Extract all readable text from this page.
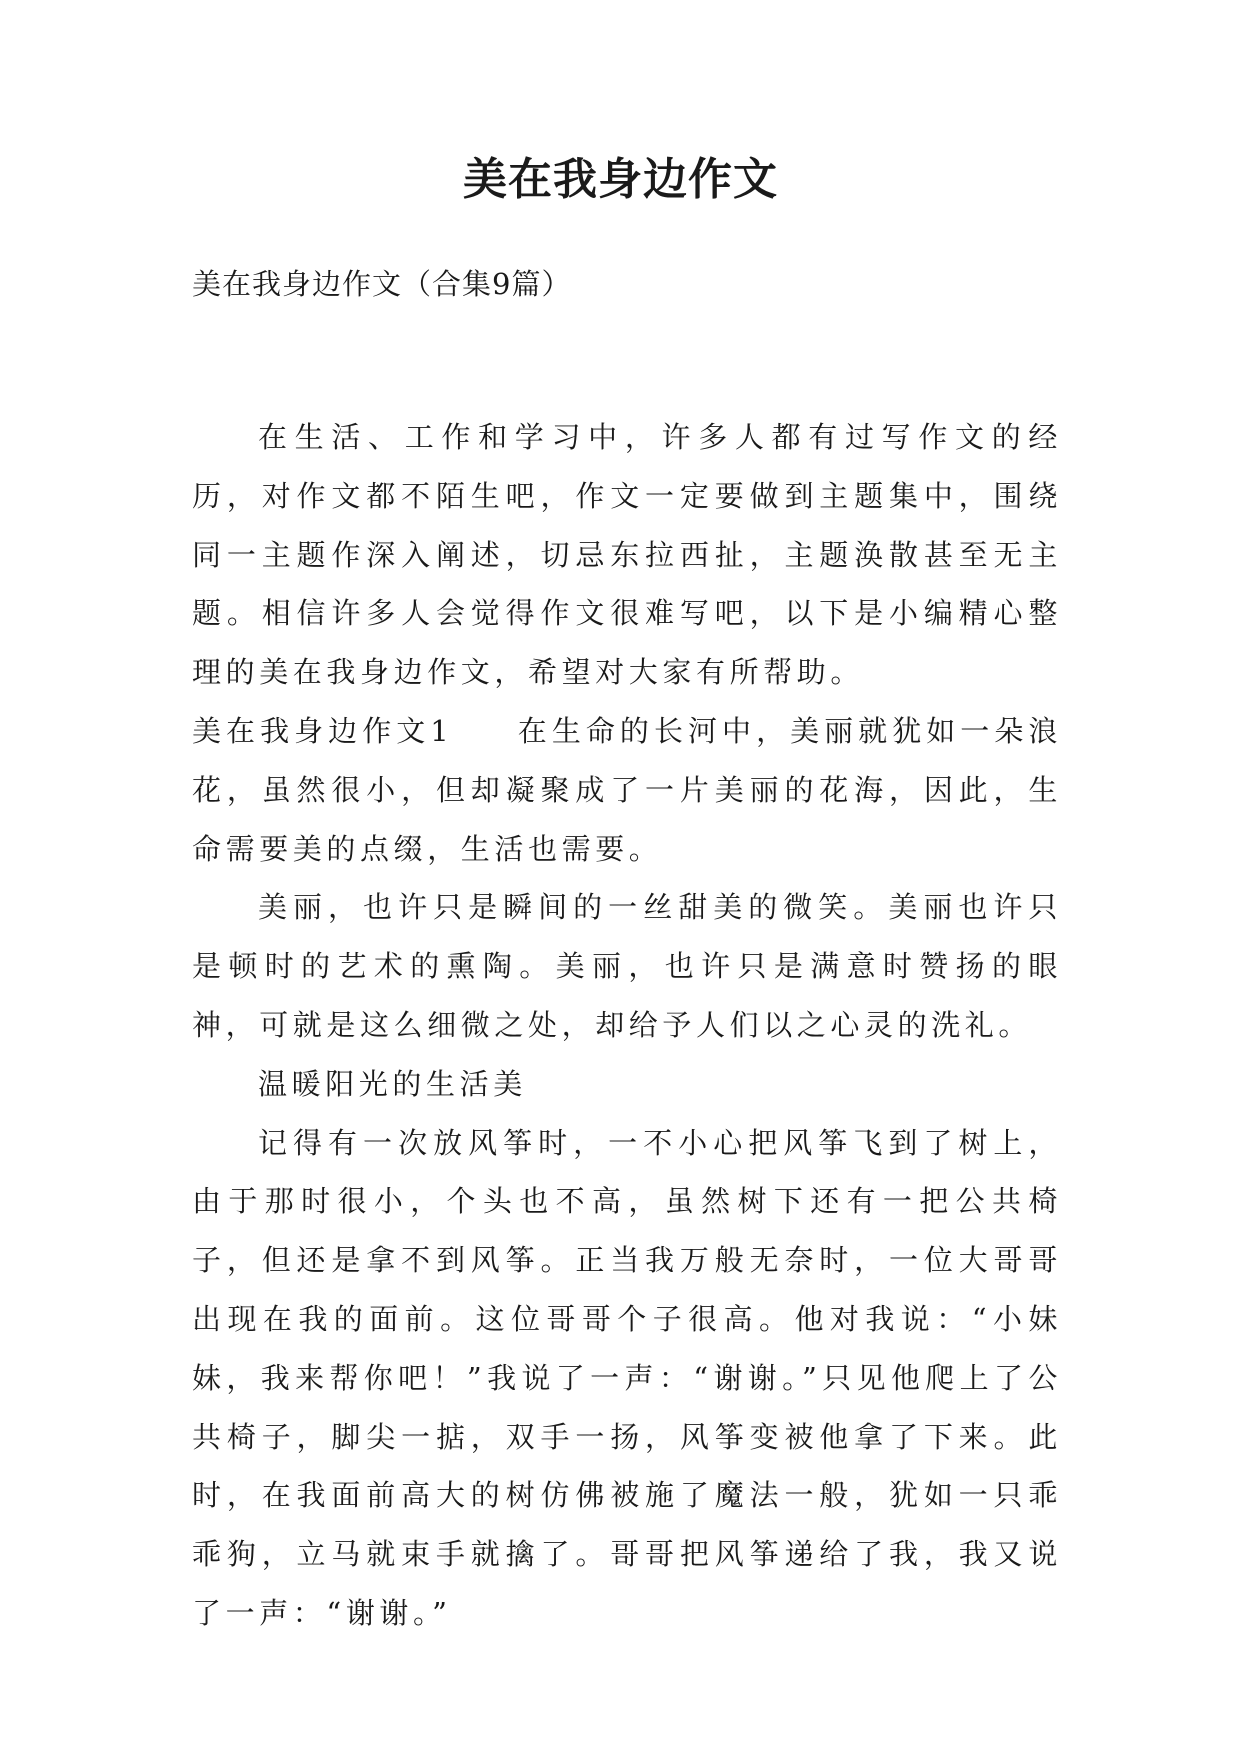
美在我身边作文

美在我身边作文（合集9篇）

在生活、工作和学习中，许多人都有过写作文的经历，对作文都不陌生吧，作文一定要做到主题集中，围绕同一主题作深入阐述，切忌东拉西扯，主题涣散甚至无主题。相信许多人会觉得作文很难写吧，以下是小编精心整理的美在我身边作文，希望对大家有所帮助。

美在我身边作文1 在生命的长河中，美丽就犹如一朵浪花，虽然很小，但却凝聚成了一片美丽的花海，因此，生命需要美的点缀，生活也需要。

美丽，也许只是瞬间的一丝甜美的微笑。美丽也许只是顿时的艺术的熏陶。美丽，也许只是满意时赞扬的眼神，可就是这么细微之处，却给予人们以之心灵的洗礼。

温暖阳光的生活美

记得有一次放风筝时，一不小心把风筝飞到了树上，由于那时很小，个头也不高，虽然树下还有一把公共椅子，但还是拿不到风筝。正当我万般无奈时，一位大哥哥出现在我的面前。这位哥哥个子很高。他对我说：“小妹妹，我来帮你吧！”我说了一声：“谢谢。”只见他爬上了公共椅子，脚尖一掂，双手一扬，风筝变被他拿了下来。此时，在我面前高大的树仿佛被施了魔法一般，犹如一只乖乖狗，立马就束手就擒了。哥哥把风筝递给了我，我又说了一声：“谢谢。”
